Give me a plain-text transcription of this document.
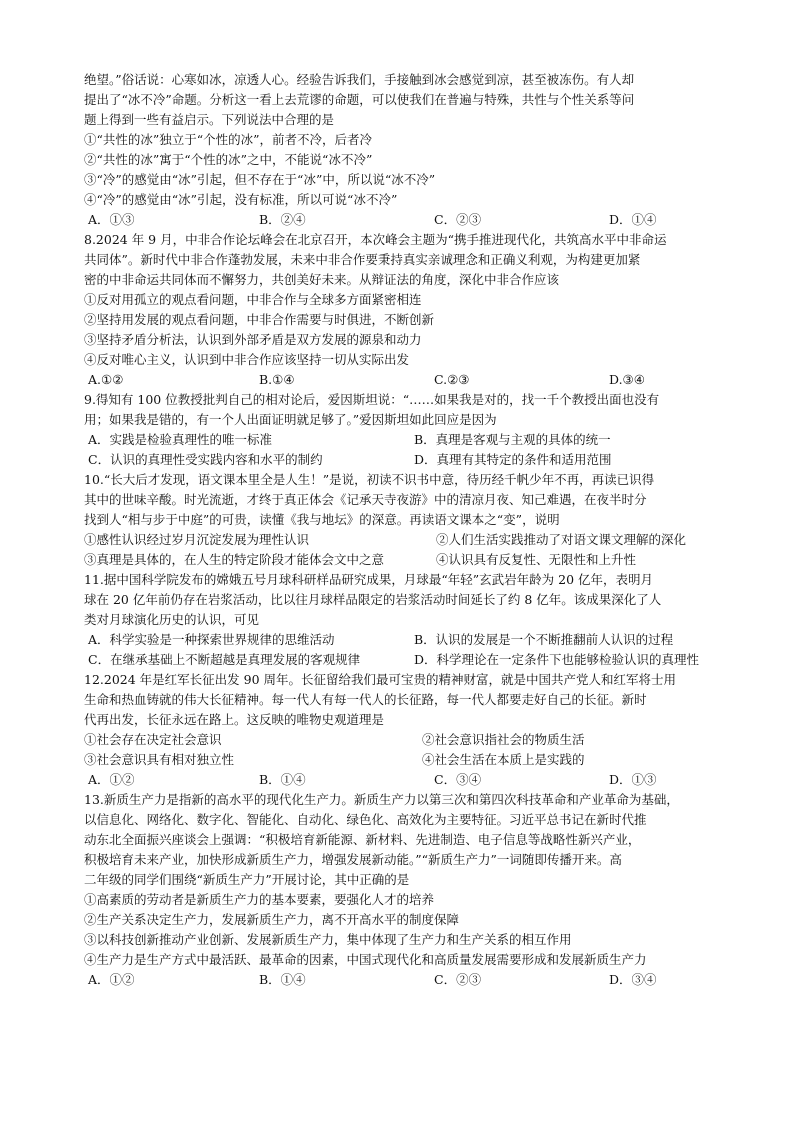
绝望。”俗话说：心寒如冰，凉透人心。经验告诉我们，手接触到冰会感觉到凉，甚至被冻伤。有人却
提出了“冰不冷”命题。分析这一看上去荒谬的命题，可以使我们在普遍与特殊，共性与个性关系等问
题上得到一些有益启示。下列说法中合理的是
①“共性的冰”独立于“个性的冰”，前者不冷，后者冷
②“共性的冰”寓于“个性的冰”之中，不能说“冰不冷”
③“冷”的感觉由“冰”引起，但不存在于“冰”中，所以说“冰不冷”
④“冷”的感觉由“冰”引起，没有标准，所以可说“冰不冷”
A．①③	B．②④	C．②③	D．①④
8.2024 年 9 月，中非合作论坛峰会在北京召开，本次峰会主题为“携手推进现代化，共筑高水平中非命运
共同体”。新时代中非合作蓬勃发展，未来中非合作要秉持真实亲诚理念和正确义利观，为构建更加紧
密的中非命运共同体而不懈努力，共创美好未来。从辩证法的角度，深化中非合作应该
①反对用孤立的观点看问题，中非合作与全球多方面紧密相连
②坚持用发展的观点看问题，中非合作需要与时俱进，不断创新
③坚持矛盾分析法，认识到外部矛盾是双方发展的源泉和动力
④反对唯心主义，认识到中非合作应该坚持一切从实际出发
A.①②	B.①④	C.②③	D.③④
9.得知有 100 位教授批判自己的相对论后，爱因斯坦说：“……如果我是对的，找一千个教授出面也没有
用；如果我是错的，有一个人出面证明就足够了。”爱因斯坦如此回应是因为
A．实践是检验真理性的唯一标准	B．真理是客观与主观的具体的统一
C．认识的真理性受实践内容和水平的制约	D．真理有其特定的条件和适用范围
10.“长大后才发现，语文课本里全是人生！”是说，初读不识书中意，待历经千帆少年不再，再读已识得
其中的世味辛酸。时光流逝，才终于真正体会《记承天寺夜游》中的清凉月夜、知己难遇，在夜半时分
找到人“相与步于中庭”的可贵，读懂《我与地坛》的深意。再读语文课本之“变”，说明
①感性认识经过岁月沉淀发展为理性认识	②人们生活实践推动了对语文课文理解的深化
③真理是具体的，在人生的特定阶段才能体会文中之意	④认识具有反复性、无限性和上升性
11.据中国科学院发布的嫦娥五号月球科研样品研究成果，月球最“年轻”玄武岩年龄为 20 亿年，表明月
球在 20 亿年前仍存在岩浆活动，比以往月球样品限定的岩浆活动时间延长了约 8 亿年。该成果深化了人
类对月球演化历史的认识，可见
A．科学实验是一种探索世界规律的思维活动	B．认识的发展是一个不断推翻前人认识的过程
C．在继承基础上不断超越是真理发展的客观规律	D．科学理论在一定条件下也能够检验认识的真理性
12.2024 年是红军长征出发 90 周年。长征留给我们最可宝贵的精神财富，就是中国共产党人和红军将士用
生命和热血铸就的伟大长征精神。每一代人有每一代人的长征路，每一代人都要走好自己的长征。新时
代再出发，长征永远在路上。这反映的唯物史观道理是
①社会存在决定社会意识	②社会意识指社会的物质生活
③社会意识具有相对独立性	④社会生活在本质上是实践的
A．①②	B．①④	C．③④	D．①③
13.新质生产力是指新的高水平的现代化生产力。新质生产力以第三次和第四次科技革命和产业革命为基础，
以信息化、网络化、数字化、智能化、自动化、绿色化、高效化为主要特征。习近平总书记在新时代推
动东北全面振兴座谈会上强调：“积极培育新能源、新材料、先进制造、电子信息等战略性新兴产业，
积极培育未来产业，加快形成新质生产力，增强发展新动能。”“新质生产力”一词随即传播开来。高
二年级的同学们围绕“新质生产力”开展讨论，其中正确的是
①高素质的劳动者是新质生产力的基本要素，要强化人才的培养
②生产关系决定生产力，发展新质生产力，离不开高水平的制度保障
③以科技创新推动产业创新、发展新质生产力，集中体现了生产力和生产关系的相互作用
④生产力是生产方式中最活跃、最革命的因素，中国式现代化和高质量发展需要形成和发展新质生产力
A．①②	B．①④	C．②③	D．③④
